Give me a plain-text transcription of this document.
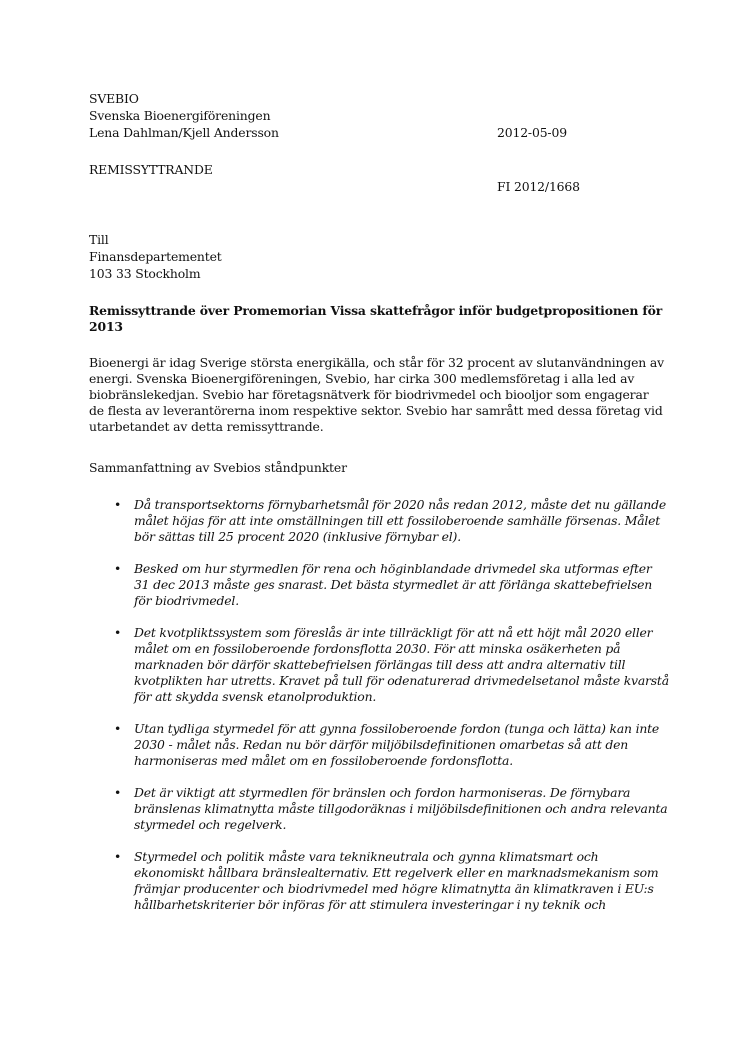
SVEBIO
Svenska Bioenergiföreningen
Lena Dahlman/Kjell Andersson	2012-05-09
REMISSYTTRANDE
FI 2012/1668
Till
Finansdepartementet
103 33 Stockholm
Remissyttrande över Promemorian Vissa skattefrågor inför budgetpropositionen för 2013
Bioenergi är idag Sverige största energikälla, och står för 32 procent av slutanvändningen av energi. Svenska Bioenergiföreningen, Svebio, har cirka 300 medlemsföretag i alla led av biobränslekedjan. Svebio har företagsnätverk för biodrivmedel och biooljor som engagerar de flesta av leverantörerna inom respektive sektor. Svebio har samrått med dessa företag vid utarbetandet av detta remissyttrande.
Sammanfattning av Svebios ståndpunkter
• Då transportsektorns förnybarhetsmål för 2020 nås redan 2012, måste det nu gällande målet höjas för att inte omställningen till ett fossiloberoende samhälle försenas. Målet bör sättas till 25 procent 2020 (inklusive förnybar el).
• Besked om hur styrmedlen för rena och höginblandade drivmedel ska utformas efter 31 dec 2013 måste ges snarast. Det bästa styrmedlet är att förlänga skattebefrielsen för biodrivmedel.
• Det kvotpliktssystem som föreslås är inte tillräckligt för att nå ett höjt mål 2020 eller målet om en fossiloberoende fordonsflotta 2030. För att minska osäkerheten på marknaden bör därför skattebefrielsen förlängas till dess att andra alternativ till kvotplikten har utretts. Kravet på tull för odenaturerad drivmedelsetanol måste kvarstå för att skydda svensk etanolproduktion.
• Utan tydliga styrmedel för att gynna fossiloberoende fordon (tunga och lätta) kan inte 2030 - målet nås. Redan nu bör därför miljöbilsdefinitionen omarbetas så att den harmoniseras med målet om en fossiloberoende fordonsflotta.
• Det är viktigt att styrmedlen för bränslen och fordon harmoniseras. De förnybara bränslenas klimatnytta måste tillgodoräknas i miljöbilsdefinitionen och andra relevanta styrmedel och regelverk.
• Styrmedel och politik måste vara teknikneutrala och gynna klimatsmart och ekonomiskt hållbara bränslealternativ. Ett regelverk eller en marknadsmekanism som främjar producenter och biodrivmedel med högre klimatnytta än klimatkraven i EU:s hållbarhetskriterier bör införas för att stimulera investeringar i ny teknik och
